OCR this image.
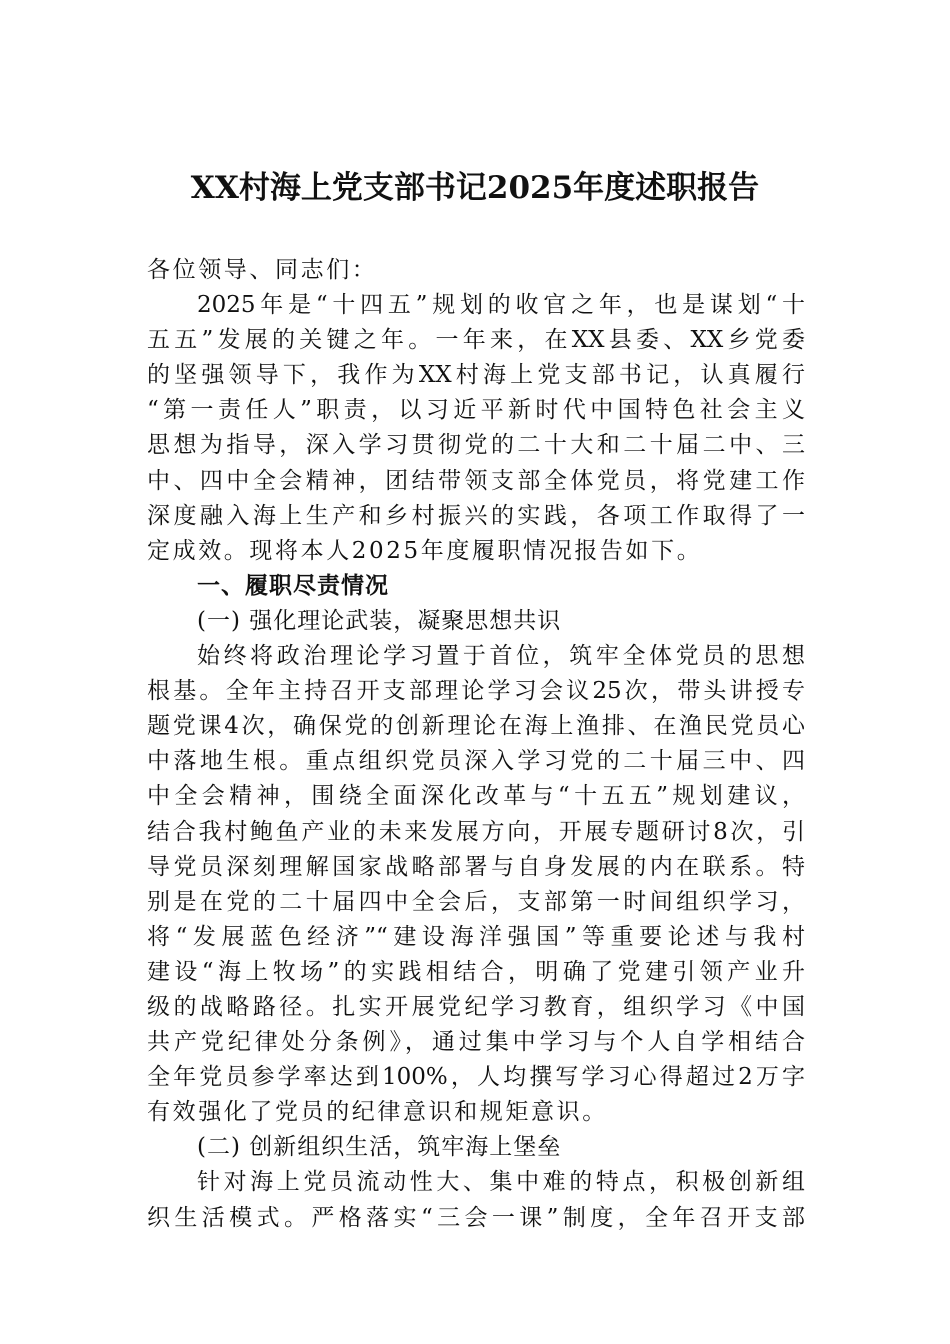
XX村海上党支部书记2025年度述职报告
各位领导、同志们：
2025年是“十四五”规划的收官之年，也是谋划“十
五五”发展的关键之年。一年来，在XX县委、XX乡党委
的坚强领导下，我作为XX村海上党支部书记，认真履行
“第一责任人”职责，以习近平新时代中国特色社会主义
思想为指导，深入学习贯彻党的二十大和二十届二中、三
中、四中全会精神，团结带领支部全体党员，将党建工作
深度融入海上生产和乡村振兴的实践，各项工作取得了一
定成效。现将本人2025年度履职情况报告如下。
一、履职尽责情况
(一) 强化理论武装，凝聚思想共识
始终将政治理论学习置于首位，筑牢全体党员的思想
根基。全年主持召开支部理论学习会议25次，带头讲授专
题党课4次，确保党的创新理论在海上渔排、在渔民党员心
中落地生根。重点组织党员深入学习党的二十届三中、四
中全会精神，围绕全面深化改革与“十五五”规划建议，
结合我村鲍鱼产业的未来发展方向，开展专题研讨8次，引
导党员深刻理解国家战略部署与自身发展的内在联系。特
别是在党的二十届四中全会后，支部第一时间组织学习，
将“发展蓝色经济”“建设海洋强国”等重要论述与我村
建设“海上牧场”的实践相结合，明确了党建引领产业升
级的战略路径。扎实开展党纪学习教育，组织学习《中国
共产党纪律处分条例》，通过集中学习与个人自学相结合
全年党员参学率达到100%，人均撰写学习心得超过2万字
有效强化了党员的纪律意识和规矩意识。
(二) 创新组织生活，筑牢海上堡垒
针对海上党员流动性大、集中难的特点，积极创新组
织生活模式。严格落实“三会一课”制度，全年召开支部
